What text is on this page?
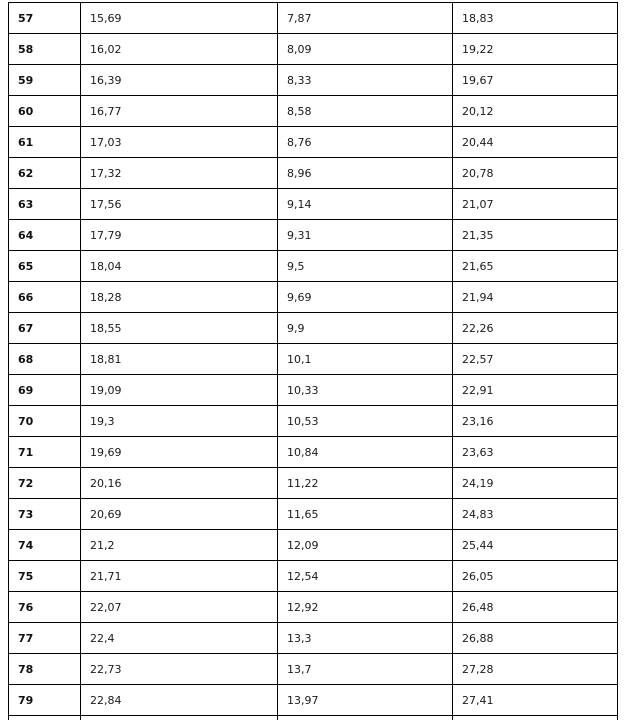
57	15,69	7,87	18,83
58	16,02	8,09	19,22
59	16,39	8,33	19,67
60	16,77	8,58	20,12
61	17,03	8,76	20,44
62	17,32	8,96	20,78
63	17,56	9,14	21,07
64	17,79	9,31	21,35
65	18,04	9,5	21,65
66	18,28	9,69	21,94
67	18,55	9,9	22,26
68	18,81	10,1	22,57
69	19,09	10,33	22,91
70	19,3	10,53	23,16
71	19,69	10,84	23,63
72	20,16	11,22	24,19
73	20,69	11,65	24,83
74	21,2	12,09	25,44
75	21,71	12,54	26,05
76	22,07	12,92	26,48
77	22,4	13,3	26,88
78	22,73	13,7	27,28
79	22,84	13,97	27,41
